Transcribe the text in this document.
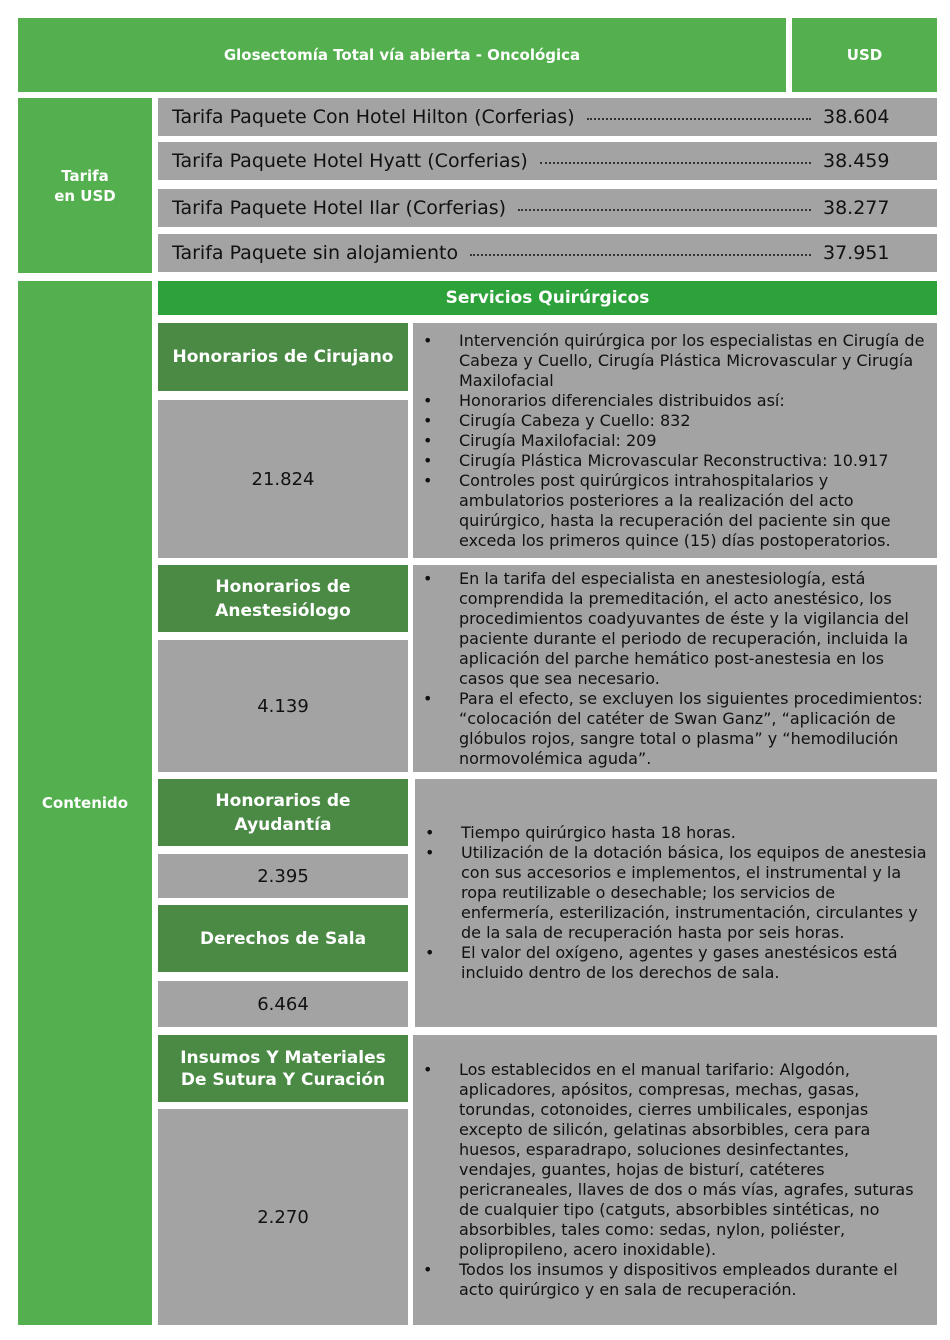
Glosectomía Total vía abierta - Oncológica	USD
Tarifa
en USD
Tarifa Paquete Con Hotel Hilton (Corferias)	38.604
Tarifa Paquete Hotel Hyatt (Corferias)	38.459
Tarifa Paquete Hotel Ilar (Corferias)	38.277
Tarifa Paquete sin alojamiento	37.951
Contenido
Servicios Quirúrgicos
Honorarios de Cirujano
21.824
• Intervención quirúrgica por los especialistas en Cirugía de Cabeza y Cuello, Cirugía Plástica Microvascular y Cirugía Maxilofacial
• Honorarios diferenciales distribuidos así:
• Cirugía Cabeza y Cuello: 832
• Cirugía Maxilofacial: 209
• Cirugía Plástica Microvascular Reconstructiva: 10.917
• Controles post quirúrgicos intrahospitalarios y ambulatorios posteriores a la realización del acto quirúrgico, hasta la recuperación del paciente sin que exceda los primeros quince (15) días postoperatorios.
Honorarios de
Anestesiólogo
4.139
• En la tarifa del especialista en anestesiología, está comprendida la premeditación, el acto anestésico, los procedimientos coadyuvantes de éste y la vigilancia del paciente durante el periodo de recuperación, incluida la aplicación del parche hemático post-anestesia en los casos que sea necesario.
• Para el efecto, se excluyen los siguientes procedimientos: “colocación del catéter de Swan Ganz”, “aplicación de glóbulos rojos, sangre total o plasma” y “hemodilución normovolémica aguda”.
Honorarios de
Ayudantía
2.395
Derechos de Sala
6.464
• Tiempo quirúrgico hasta 18 horas.
• Utilización de la dotación básica, los equipos de anestesia con sus accesorios e implementos, el instrumental y la ropa reutilizable o desechable; los servicios de enfermería, esterilización, instrumentación, circulantes y de la sala de recuperación hasta por seis horas.
• El valor del oxígeno, agentes y gases anestésicos está incluido dentro de los derechos de sala.
Insumos Y Materiales
De Sutura Y Curación
2.270
• Los establecidos en el manual tarifario: Algodón, aplicadores, apósitos, compresas, mechas, gasas, torundas, cotonoides, cierres umbilicales, esponjas excepto de silicón, gelatinas absorbibles, cera para huesos, esparadrapo, soluciones desinfectantes, vendajes, guantes, hojas de bisturí, catéteres pericraneales, llaves de dos o más vías, agrafes, suturas de cualquier tipo (catguts, absorbibles sintéticas, no absorbibles, tales como: sedas, nylon, poliéster, polipropileno, acero inoxidable).
• Todos los insumos y dispositivos empleados durante el acto quirúrgico y en sala de recuperación.
